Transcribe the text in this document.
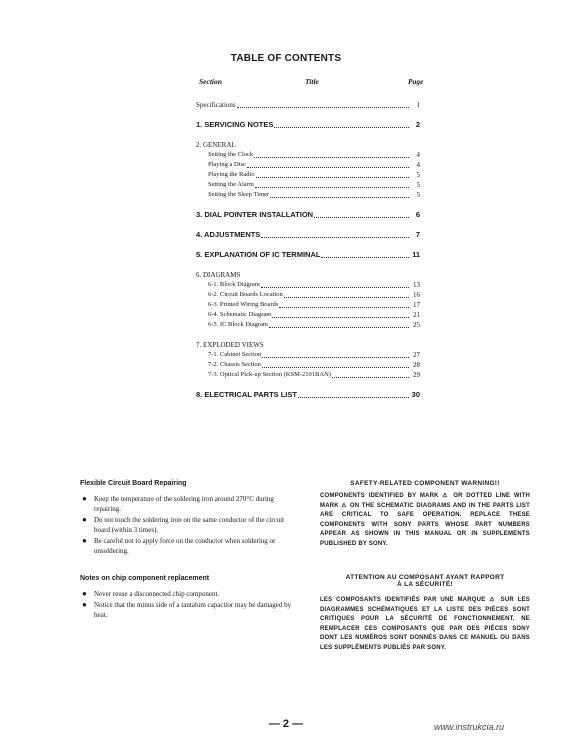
TABLE OF CONTENTS
Section	Title	Page
Specifications	1
1. SERVICING NOTES	2
2. GENERAL
Setting the Clock	4
Playing a Disc	4
Playing the Radio	5
Setting the Alarm	5
Setting the Sleep Timer	5
3. DIAL POINTER INSTALLATION	6
4. ADJUSTMENTS	7
5. EXPLANATION OF IC TERMINAL	11
6. DIAGRAMS
6-1. Block Diagram	13
6-2. Circuit Boards Location	16
6-3. Printed Wiring Boards	17
6-4. Schematic Diagram	21
6-5. IC Block Diagram	25
7. EXPLODED VIEWS
7-1. Cabinet Section	27
7-2. Chassis Section	28
7-3. Optical Pick-up Section (KSM-2101BAN)	29
8. ELECTRICAL PARTS LIST	30
Flexible Circuit Board Repairing
● Keep the temperature of the soldering iron around 270°C during repairing.
● Do not touch the soldering iron on the same conductor of the circuit board (within 3 times).
● Be careful not to apply force on the conductor when soldering or unsoldering.
Notes on chip component replacement
● Never reuse a disconnected chip component.
● Notice that the minus side of a tantalum capacitor may be damaged by heat.
SAFETY-RELATED COMPONENT WARNING!!
COMPONENTS IDENTIFIED BY MARK ⚠ OR DOTTED LINE WITH MARK ⚠ ON THE SCHEMATIC DIAGRAMS AND IN THE PARTS LIST ARE CRITICAL TO SAFE OPERATION. REPLACE THESE COMPONENTS WITH SONY PARTS WHOSE PART NUMBERS APPEAR AS SHOWN IN THIS MANUAL OR IN SUPPLEMENTS PUBLISHED BY SONY.
ATTENTION AU COMPOSANT AYANT RAPPORT À LA SÉCURITÉ!
LES COMPOSANTS IDENTIFIÉS PAR UNE MARQUE ⚠ SUR LES DIAGRAMMES SCHÉMATIQUES ET LA LISTE DES PIÈCES SONT CRITIQUES POUR LA SÉCURITÉ DE FONCTIONNEMENT. NE REMPLACER CES COMPOSANTS QUE PAR DES PIÈCES SONY DONT LES NUMÉROS SONT DONNÉS DANS CE MANUEL OU DANS LES SUPPLÉMENTS PUBLIÉS PAR SONY.
— 2 —	www.instrukcia.ru
